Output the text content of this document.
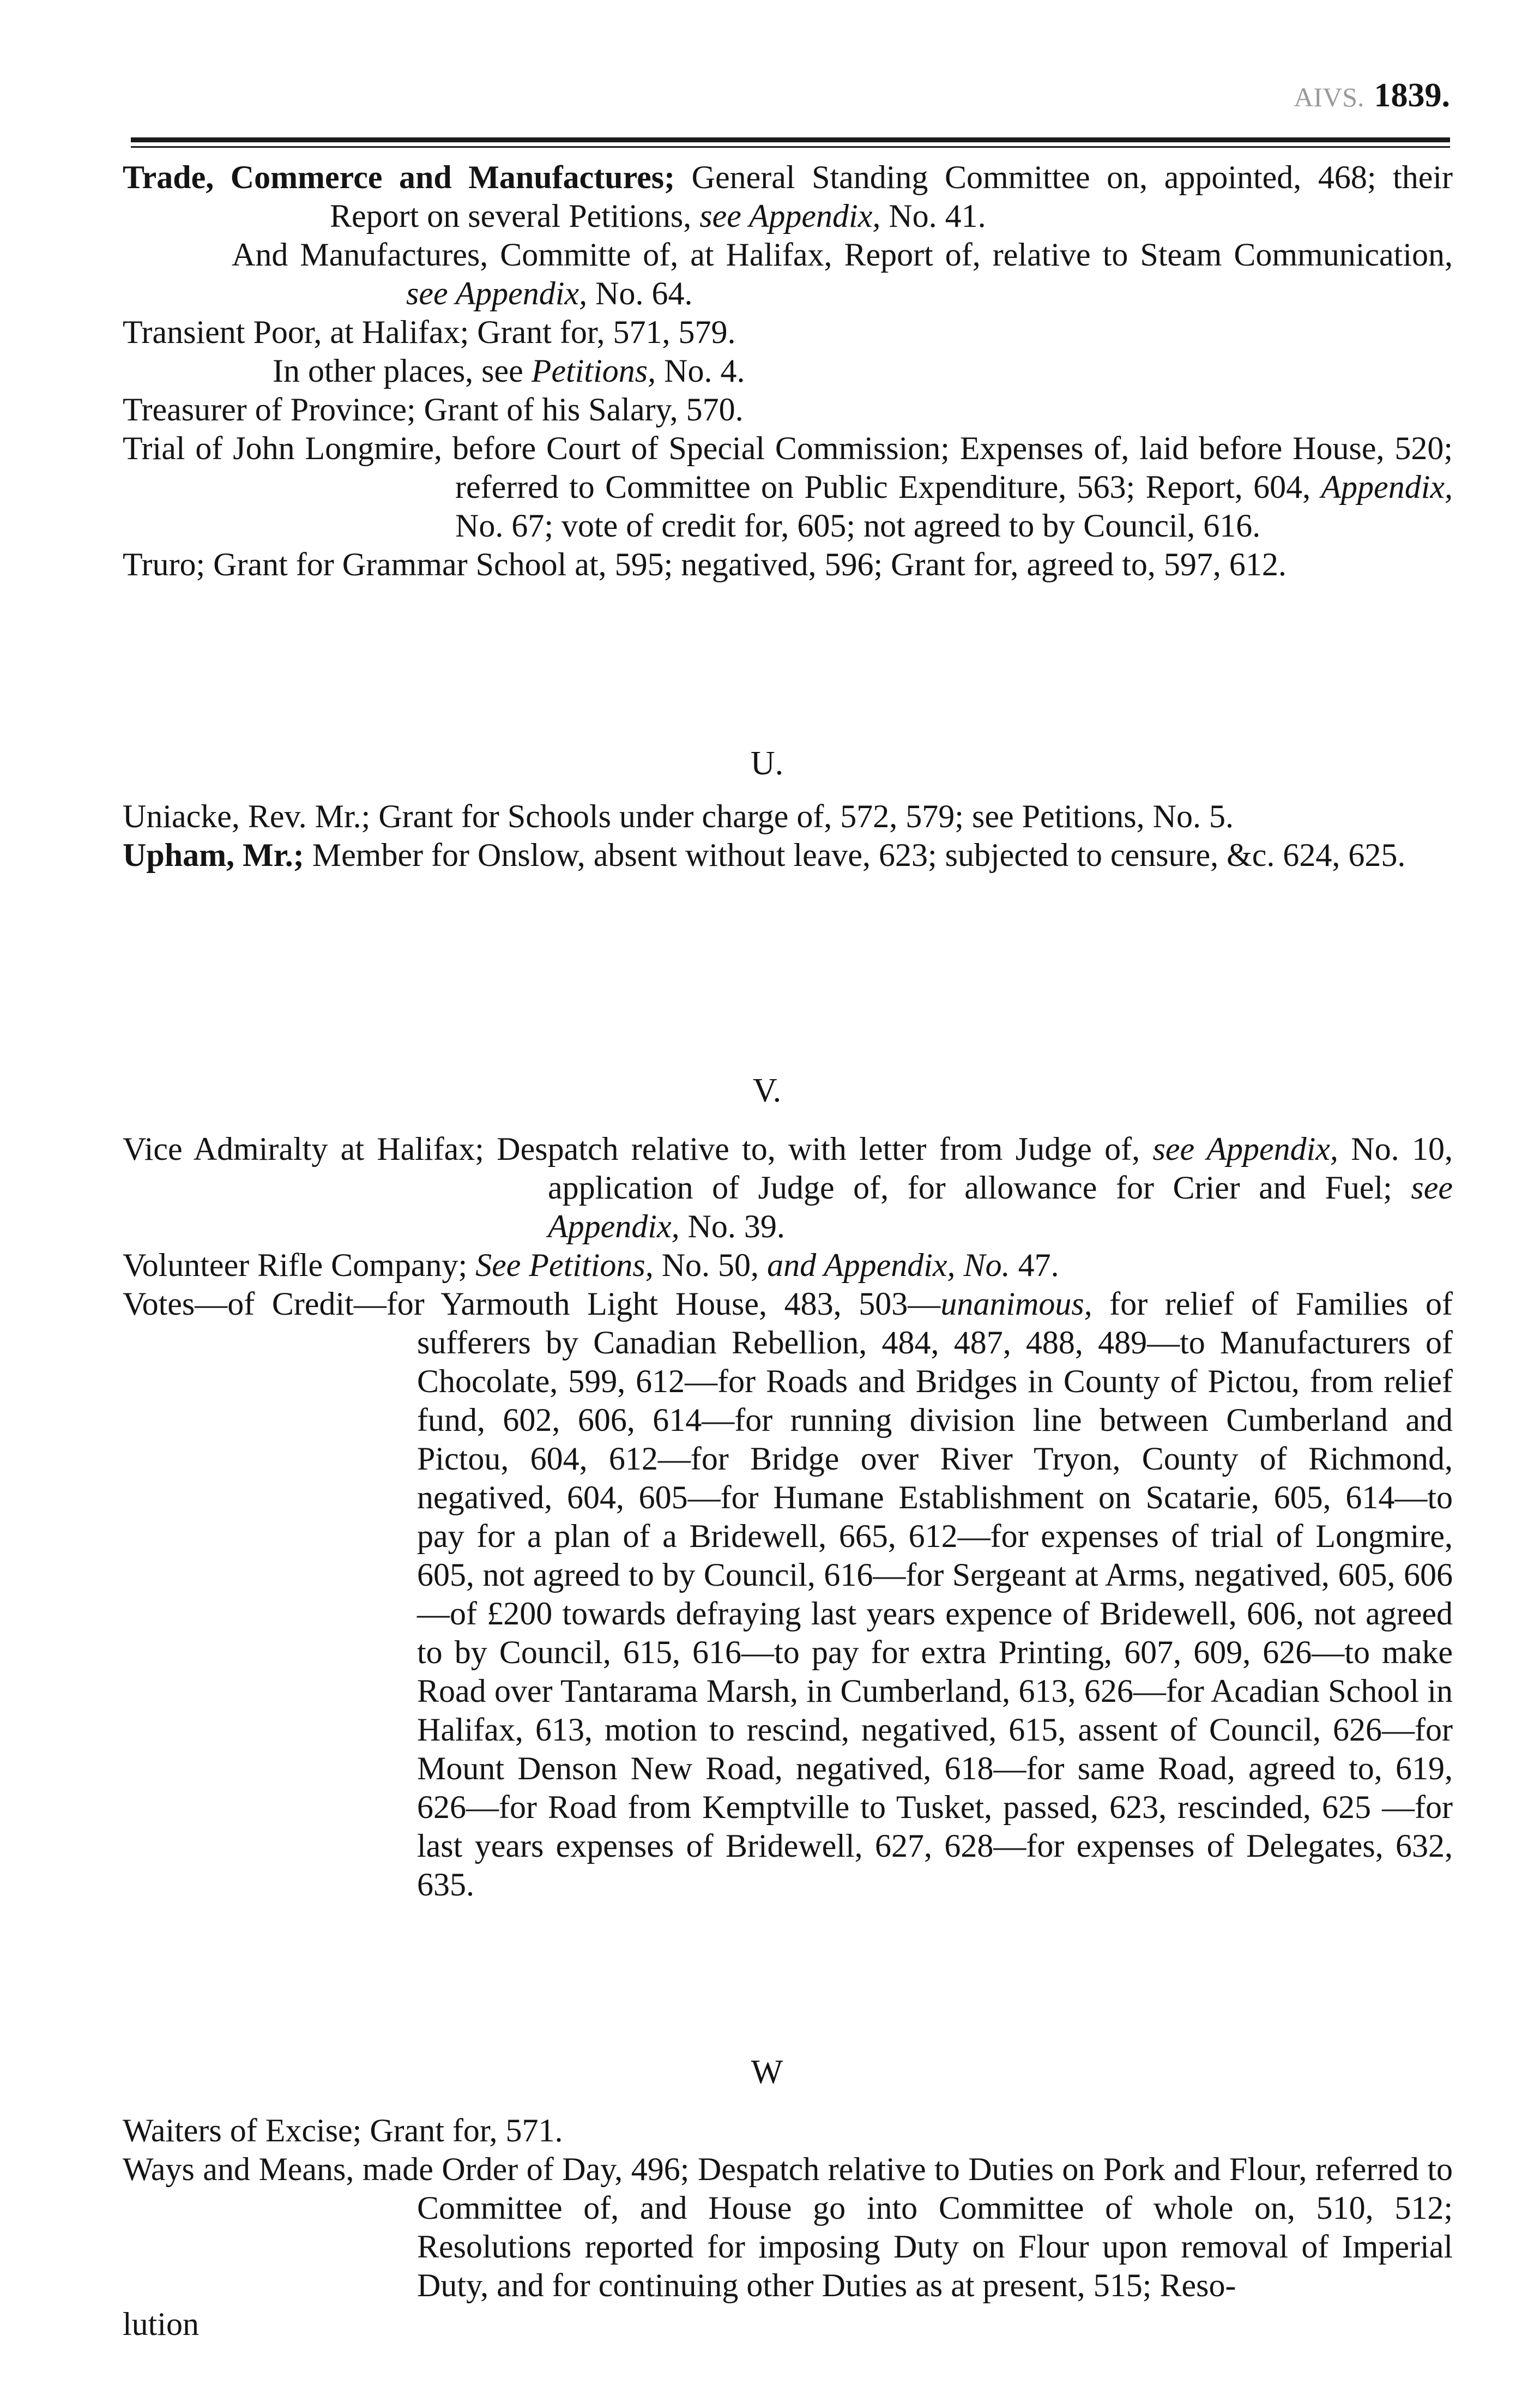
AIVS. 1839.

Trade, Commerce and Manufactures; General Standing Committee on, appointed, 468; their Report on several Petitions, see Appendix, No. 41.

And Manufactures, Committe of, at Halifax, Report of, relative to Steam Communication, see Appendix, No. 64.

Transient Poor, at Halifax; Grant for, 571, 579.

In other places, see Petitions, No. 4.

Treasurer of Province; Grant of his Salary, 570.

Trial of John Longmire, before Court of Special Commission; Expenses of, laid before House, 520; referred to Committee on Public Expenditure, 563; Report, 604, Appendix, No. 67; vote of credit for, 605; not agreed to by Council, 616.

Truro; Grant for Grammar School at, 595; negatived, 596; Grant for, agreed to, 597, 612.

U.

Uniacke, Rev. Mr.; Grant for Schools under charge of, 572, 579; see Petitions, No. 5.

Upham, Mr.; Member for Onslow, absent without leave, 623; subjected to censure, &c. 624, 625.

V.

Vice Admiralty at Halifax; Despatch relative to, with letter from Judge of, see Appendix, No. 10, application of Judge of, for allowance for Crier and Fuel; see Appendix, No. 39.

Volunteer Rifle Company; See Petitions, No. 50, and Appendix, No. 47.

Votes—of Credit—for Yarmouth Light House, 483, 503—unanimous, for relief of Families of sufferers by Canadian Rebellion, 484, 487, 488, 489—to Manufacturers of Chocolate, 599, 612—for Roads and Bridges in County of Pictou, from relief fund, 602, 606, 614—for running division line between Cumberland and Pictou, 604, 612—for Bridge over River Tryon, County of Richmond, negatived, 604, 605—for Humane Establishment on Scatarie, 605, 614—to pay for a plan of a Bridewell, 665, 612—for expenses of trial of Longmire, 605, not agreed to by Council, 616—for Sergeant at Arms, negatived, 605, 606—of £200 towards defraying last years expence of Bridewell, 606, not agreed to by Council, 615, 616—to pay for extra Printing, 607, 609, 626—to make Road over Tantarama Marsh, in Cumberland, 613, 626—for Acadian School in Halifax, 613, motion to rescind, negatived, 615, assent of Council, 626—for Mount Denson New Road, negatived, 618—for same Road, agreed to, 619, 626—for Road from Kemptville to Tusket, passed, 623, rescinded, 625 —for last years expenses of Bridewell, 627, 628—for expenses of Delegates, 632, 635.

W

Waiters of Excise; Grant for, 571.

Ways and Means, made Order of Day, 496; Despatch relative to Duties on Pork and Flour, referred to Committee of, and House go into Committee of whole on, 510, 512; Resolutions reported for imposing Duty on Flour upon removal of Imperial Duty, and for continuing other Duties as at present, 515; Reso-

lution
